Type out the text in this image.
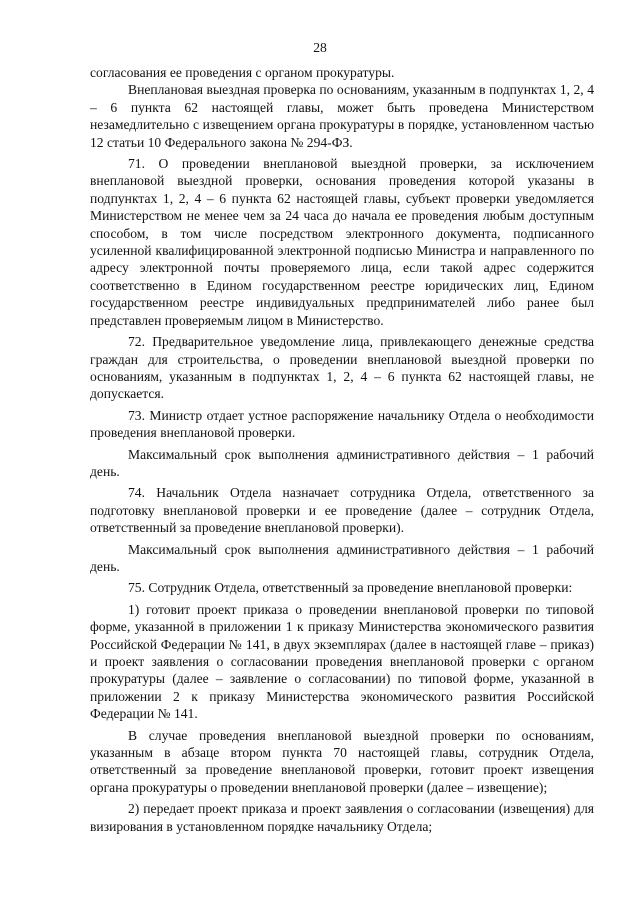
28

согласования ее проведения с органом прокуратуры.

Внеплановая выездная проверка по основаниям, указанным в подпунктах 1, 2, 4 – 6 пункта 62 настоящей главы, может быть проведена Министерством незамедлительно с извещением органа прокуратуры в порядке, установленном частью 12 статьи 10 Федерального закона № 294-ФЗ.

71. О проведении внеплановой выездной проверки, за исключением внеплановой выездной проверки, основания проведения которой указаны в подпунктах 1, 2, 4 – 6 пункта 62 настоящей главы, субъект проверки уведомляется Министерством не менее чем за 24 часа до начала ее проведения любым доступным способом, в том числе посредством электронного документа, подписанного усиленной квалифицированной электронной подписью Министра и направленного по адресу электронной почты проверяемого лица, если такой адрес содержится соответственно в Едином государственном реестре юридических лиц, Едином государственном реестре индивидуальных предпринимателей либо ранее был представлен проверяемым лицом в Министерство.

72. Предварительное уведомление лица, привлекающего денежные средства граждан для строительства, о проведении внеплановой выездной проверки по основаниям, указанным в подпунктах 1, 2, 4 – 6 пункта 62 настоящей главы, не допускается.

73. Министр отдает устное распоряжение начальнику Отдела о необходимости проведения внеплановой проверки.

Максимальный срок выполнения административного действия – 1 рабочий день.

74. Начальник Отдела назначает сотрудника Отдела, ответственного за подготовку внеплановой проверки и ее проведение (далее – сотрудник Отдела, ответственный за проведение внеплановой проверки).

Максимальный срок выполнения административного действия – 1 рабочий день.

75. Сотрудник Отдела, ответственный за проведение внеплановой проверки:

1) готовит проект приказа о проведении внеплановой проверки по типовой форме, указанной в приложении 1 к приказу Министерства экономического развития Российской Федерации № 141, в двух экземплярах (далее в настоящей главе – приказ) и проект заявления о согласовании проведения внеплановой проверки с органом прокуратуры (далее – заявление о согласовании) по типовой форме, указанной в приложении 2 к приказу Министерства экономического развития Российской Федерации № 141.

В случае проведения внеплановой выездной проверки по основаниям, указанным в абзаце втором пункта 70 настоящей главы, сотрудник Отдела, ответственный за проведение внеплановой проверки, готовит проект извещения органа прокуратуры о проведении внеплановой проверки (далее – извещение);

2) передает проект приказа и проект заявления о согласовании (извещения) для визирования в установленном порядке начальнику Отдела;
